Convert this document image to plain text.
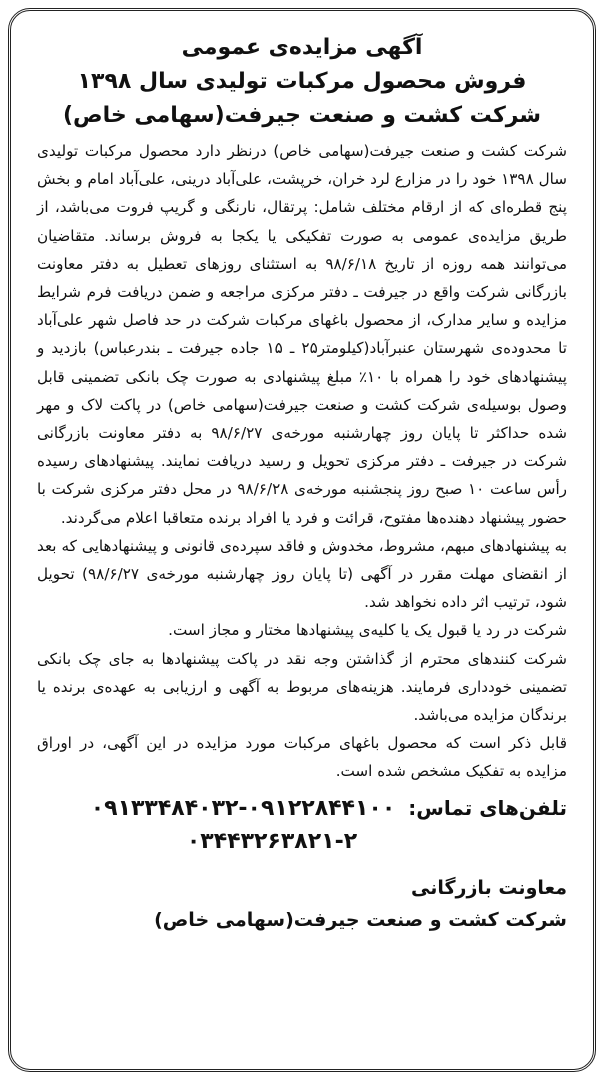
آگهی مزایده‌ی عمومی
فروش محصول مرکبات تولیدی سال ۱۳۹۸
شرکت کشت و صنعت جیرفت(سهامی خاص)

شرکت کشت و صنعت جیرفت(سهامی خاص) درنظر دارد محصول مرکبات تولیدی سال ۱۳۹۸ خود را در مزارع لرد خران، خرپشت، علی‌آباد درینی، علی‌آباد امام و بخش پنج قطره‌ای که از ارقام مختلف شامل: پرتقال، نارنگی و گریپ فروت می‌باشد، از طریق مزایده‌ی عمومی به صورت تفکیکی یا یکجا به فروش برساند. متقاضیان می‌توانند همه روزه از تاریخ ۹۸/۶/۱۸ به استثنای روزهای تعطیل به دفتر معاونت بازرگانی شرکت واقع در جیرفت ـ دفتر مرکزی مراجعه و ضمن دریافت فرم شرایط مزایده و سایر مدارک، از محصول باغهای مرکبات شرکت در حد فاصل شهر علی‌آباد تا محدوده‌ی شهرستان عنبرآباد(کیلومتر۲۵ ـ ۱۵ جاده جیرفت ـ بندرعباس) بازدید و پیشنهادهای خود را همراه با ۱۰٪ مبلغ پیشنهادی به صورت چک بانکی تضمینی قابل وصول بوسیله‌ی شرکت کشت و صنعت جیرفت(سهامی خاص) در پاکت لاک و مهر شده حداکثر تا پایان روز چهارشنبه مورخه‌ی ۹۸/۶/۲۷ به دفتر معاونت بازرگانی شرکت در جیرفت ـ دفتر مرکزی تحویل و رسید دریافت نمایند. پیشنهادهای رسیده رأس ساعت ۱۰ صبح روز پنجشنبه مورخه‌ی ۹۸/۶/۲۸ در محل دفتر مرکزی شرکت با حضور پیشنهاد دهنده‌ها مفتوح، قرائت و فرد یا افراد برنده متعاقبا اعلام می‌گردند.

به پیشنهادهای مبهم، مشروط، مخدوش و فاقد سپرده‌ی قانونی و پیشنهادهایی که بعد از انقضای مهلت مقرر در آگهی (تا پایان روز چهارشنبه مورخه‌ی ۹۸/۶/۲۷) تحویل شود، ترتیب اثر داده نخواهد شد.

شرکت در رد یا قبول یک یا کلیه‌ی پیشنهادها مختار و مجاز است.

شرکت کنندهای محترم از گذاشتن وجه نقد در پاکت پیشنهادها به جای چک بانکی تضمینی خودداری فرمایند. هزینه‌های مربوط به آگهی و ارزیابی به عهده‌ی برنده یا برندگان مزایده می‌باشد.

قابل ذکر است که محصول باغهای مرکبات مورد مزایده در این آگهی، در اوراق مزایده به تفکیک مشخص شده است.

تلفن‌های تماس: ۰۹۱۳۳۴۸۴۰۳۲-۰۹۱۲۲۸۴۴۱۰۰
۰۳۴۴۳۲۶۳۸۲۱-۲
معاونت بازرگانی
شرکت کشت و صنعت جیرفت(سهامی خاص)
